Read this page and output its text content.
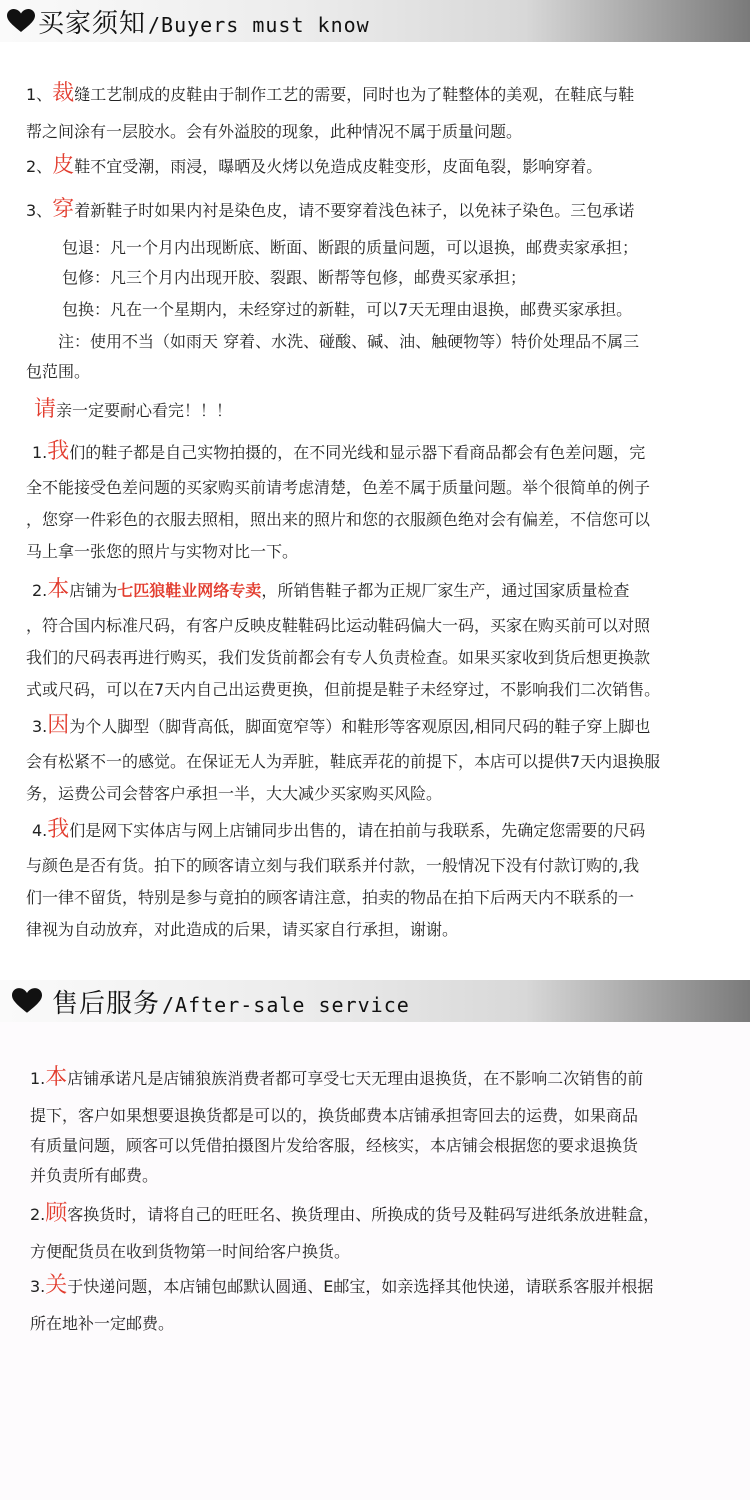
买家须知 /Buyers must know
1、裁缝工艺制成的皮鞋由于制作工艺的需要，同时也为了鞋整体的美观，在鞋底与鞋
帮之间涂有一层胶水。会有外溢胶的现象，此种情况不属于质量问题。
2、皮鞋不宜受潮，雨浸，曝晒及火烤以免造成皮鞋变形，皮面龟裂，影响穿着。
3、穿着新鞋子时如果内衬是染色皮，请不要穿着浅色袜子，以免袜子染色。三包承诺
包退：凡一个月内出现断底、断面、断跟的质量问题，可以退换，邮费卖家承担；
包修：凡三个月内出现开胶、裂跟、断帮等包修，邮费买家承担；
包换：凡在一个星期内，未经穿过的新鞋，可以7天无理由退换，邮费买家承担。
注：使用不当（如雨天 穿着、水洗、碰酸、碱、油、触硬物等）特价处理品不属三
包范围。
请亲一定要耐心看完！！！
1.我们的鞋子都是自己实物拍摄的，在不同光线和显示器下看商品都会有色差问题，完
全不能接受色差问题的买家购买前请考虑清楚，色差不属于质量问题。举个很简单的例子
，您穿一件彩色的衣服去照相，照出来的照片和您的衣服颜色绝对会有偏差，不信您可以
马上拿一张您的照片与实物对比一下。
2.本店铺为七匹狼鞋业网络专卖，所销售鞋子都为正规厂家生产，通过国家质量检查
，符合国内标准尺码，有客户反映皮鞋鞋码比运动鞋码偏大一码，买家在购买前可以对照
我们的尺码表再进行购买，我们发货前都会有专人负责检查。如果买家收到货后想更换款
式或尺码，可以在7天内自己出运费更换，但前提是鞋子未经穿过，不影响我们二次销售。
3.因为个人脚型（脚背高低，脚面宽窄等）和鞋形等客观原因,相同尺码的鞋子穿上脚也
会有松紧不一的感觉。在保证无人为弄脏，鞋底弄花的前提下，本店可以提供7天内退换服
务，运费公司会替客户承担一半，大大减少买家购买风险。
4.我们是网下实体店与网上店铺同步出售的，请在拍前与我联系，先确定您需要的尺码
与颜色是否有货。拍下的顾客请立刻与我们联系并付款，一般情况下没有付款订购的,我
们一律不留货，特别是参与竟拍的顾客请注意，拍卖的物品在拍下后两天内不联系的一
律视为自动放弃，对此造成的后果，请买家自行承担，谢谢。
售后服务 /After-sale service
1.本店铺承诺凡是店铺狼族消费者都可享受七天无理由退换货，在不影响二次销售的前
提下，客户如果想要退换货都是可以的，换货邮费本店铺承担寄回去的运费，如果商品
有质量问题，顾客可以凭借拍摄图片发给客服，经核实，本店铺会根据您的要求退换货
并负责所有邮费。
2.顾客换货时，请将自己的旺旺名、换货理由、所换成的货号及鞋码写进纸条放进鞋盒，
方便配货员在收到货物第一时间给客户换货。
3.关于快递问题，本店铺包邮默认圆通、E邮宝，如亲选择其他快递，请联系客服并根据
所在地补一定邮费。
